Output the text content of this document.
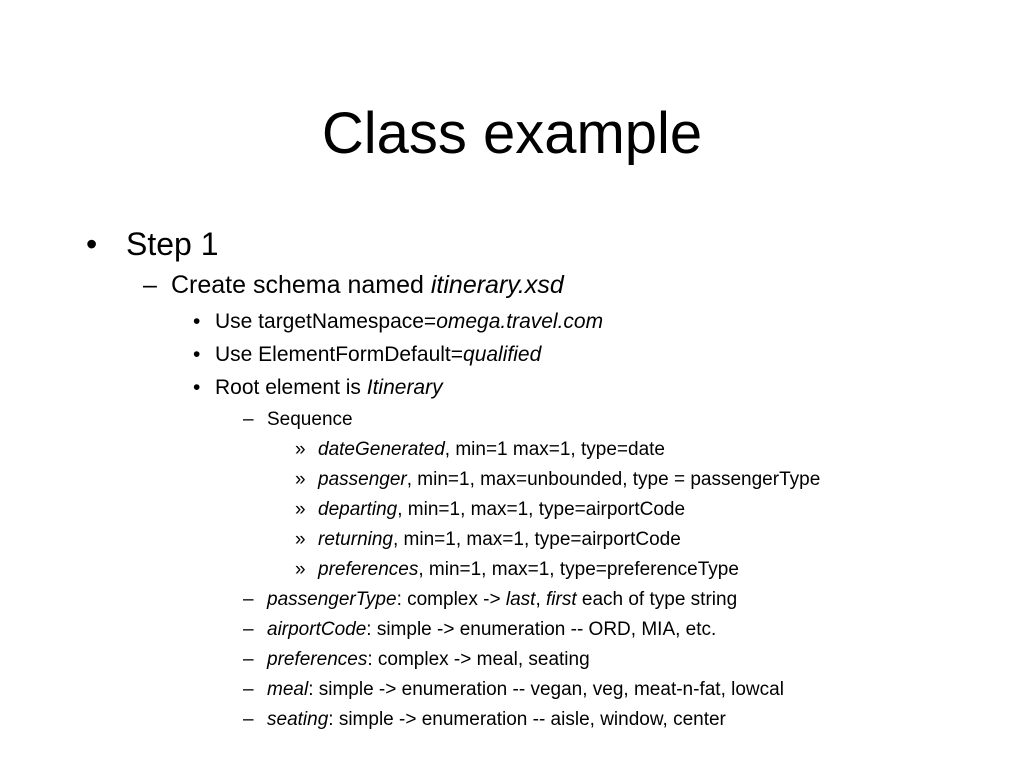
Class example
• Step 1
– Create schema named itinerary.xsd
• Use targetNamespace=omega.travel.com
• Use ElementFormDefault=qualified
• Root element is Itinerary
– Sequence
» dateGenerated, min=1 max=1, type=date
» passenger, min=1, max=unbounded, type = passengerType
» departing, min=1, max=1, type=airportCode
» returning, min=1, max=1, type=airportCode
» preferences, min=1, max=1, type=preferenceType
– passengerType: complex -> last, first each of type string
– airportCode: simple -> enumeration -- ORD, MIA, etc.
– preferences: complex -> meal, seating
– meal: simple -> enumeration -- vegan, veg, meat-n-fat, lowcal
– seating: simple -> enumeration -- aisle, window, center
